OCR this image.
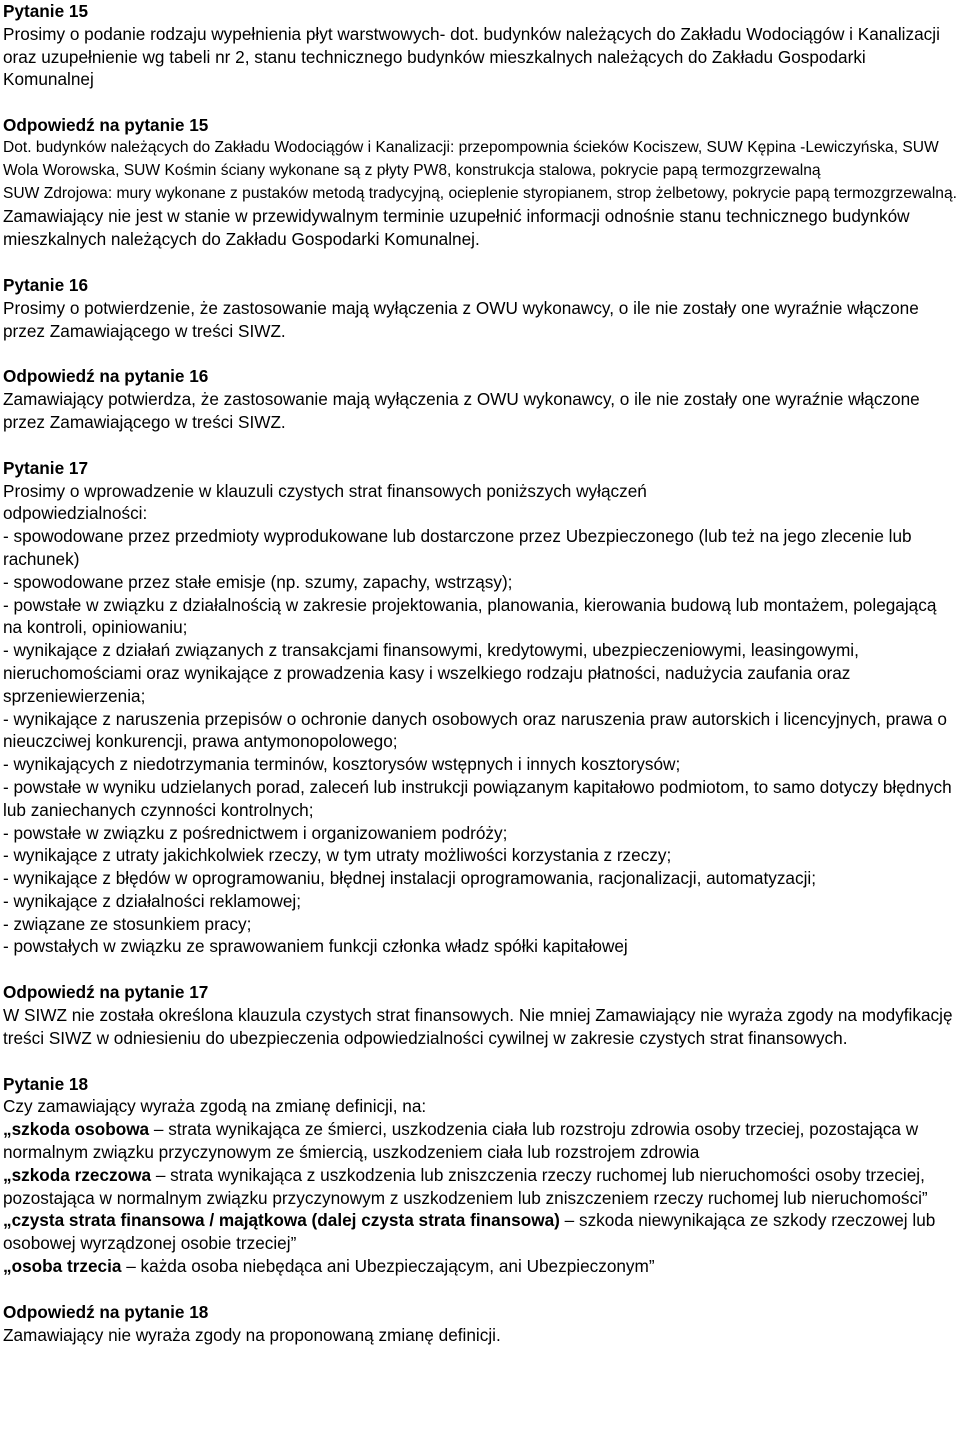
Pytanie 15

Prosimy o podanie rodzaju wypełnienia płyt warstwowych- dot. budynków należących do Zakładu Wodociągów i Kanalizacji oraz uzupełnienie wg tabeli nr 2, stanu technicznego budynków mieszkalnych należących do Zakładu Gospodarki Komunalnej

Odpowiedź na pytanie 15

Dot. budynków należących do Zakładu Wodociągów i Kanalizacji: przepompownia ścieków Kociszew, SUW Kępina -Lewiczyńska, SUW Wola Worowska, SUW Kośmin ściany wykonane są z płyty PW8, konstrukcja stalowa, pokrycie papą termozgrzewalną

SUW Zdrojowa: mury wykonane z pustaków metodą tradycyjną, ocieplenie styropianem, strop żelbetowy, pokrycie papą termozgrzewalną.

Zamawiający nie jest w stanie w przewidywalnym terminie uzupełnić informacji odnośnie stanu technicznego budynków mieszkalnych należących do Zakładu Gospodarki Komunalnej.

Pytanie 16

Prosimy o potwierdzenie, że zastosowanie mają wyłączenia z OWU wykonawcy, o ile nie zostały one wyraźnie włączone przez Zamawiającego w treści SIWZ.

Odpowiedź na pytanie 16

Zamawiający potwierdza, że zastosowanie mają wyłączenia z OWU wykonawcy, o ile nie zostały one wyraźnie włączone przez Zamawiającego w treści SIWZ.

Pytanie 17

Prosimy o wprowadzenie w klauzuli czystych strat finansowych poniższych wyłączeń odpowiedzialności:

- spowodowane przez przedmioty wyprodukowane lub dostarczone przez Ubezpieczonego (lub też na jego zlecenie lub rachunek)

- spowodowane przez stałe emisje (np. szumy, zapachy, wstrząsy);

- powstałe w związku z działalnością w zakresie projektowania, planowania, kierowania budową lub montażem, polegającą na kontroli, opiniowaniu;

- wynikające z działań związanych z transakcjami finansowymi, kredytowymi, ubezpieczeniowymi, leasingowymi, nieruchomościami oraz wynikające z prowadzenia kasy i wszelkiego rodzaju płatności, nadużycia zaufania oraz sprzeniewierzenia;

- wynikające z naruszenia przepisów o ochronie danych osobowych oraz naruszenia praw autorskich i licencyjnych, prawa o nieuczciwej konkurencji, prawa antymonopolowego;

- wynikających z niedotrzymania terminów, kosztorysów wstępnych i innych kosztorysów;

- powstałe w wyniku udzielanych porad, zaleceń lub instrukcji powiązanym kapitałowo podmiotom, to samo dotyczy błędnych lub zaniechanych czynności kontrolnych;

- powstałe w związku z pośrednictwem i organizowaniem podróży;

- wynikające z utraty jakichkolwiek rzeczy, w tym utraty możliwości korzystania z rzeczy;

- wynikające z błędów w oprogramowaniu, błędnej instalacji oprogramowania, racjonalizacji, automatyzacji;

- wynikające z działalności reklamowej;

- związane ze stosunkiem pracy;

- powstałych w związku ze sprawowaniem funkcji członka władz spółki kapitałowej

Odpowiedź na pytanie 17

W SIWZ nie została określona klauzula czystych strat finansowych. Nie mniej Zamawiający nie wyraża zgody na modyfikację treści SIWZ w odniesieniu do ubezpieczenia odpowiedzialności cywilnej w zakresie czystych strat finansowych.

Pytanie 18

Czy zamawiający wyraża zgodą na zmianę definicji, na:

„szkoda osobowa – strata wynikająca ze śmierci, uszkodzenia ciała lub rozstroju zdrowia osoby trzeciej, pozostająca w normalnym związku przyczynowym ze śmiercią, uszkodzeniem ciała lub rozstrojem zdrowia

„szkoda rzeczowa – strata wynikająca z uszkodzenia lub zniszczenia rzeczy ruchomej lub nieruchomości osoby trzeciej, pozostająca w normalnym związku przyczynowym z uszkodzeniem lub zniszczeniem rzeczy ruchomej lub nieruchomości”

„czysta strata finansowa / majątkowa (dalej czysta strata finansowa) – szkoda niewynikająca ze szkody rzeczowej lub osobowej wyrządzonej osobie trzeciej”

„osoba trzecia – każda osoba niebędąca ani Ubezpieczającym, ani Ubezpieczonym”

Odpowiedź na pytanie 18

Zamawiający nie wyraża zgody na proponowaną zmianę definicji.
